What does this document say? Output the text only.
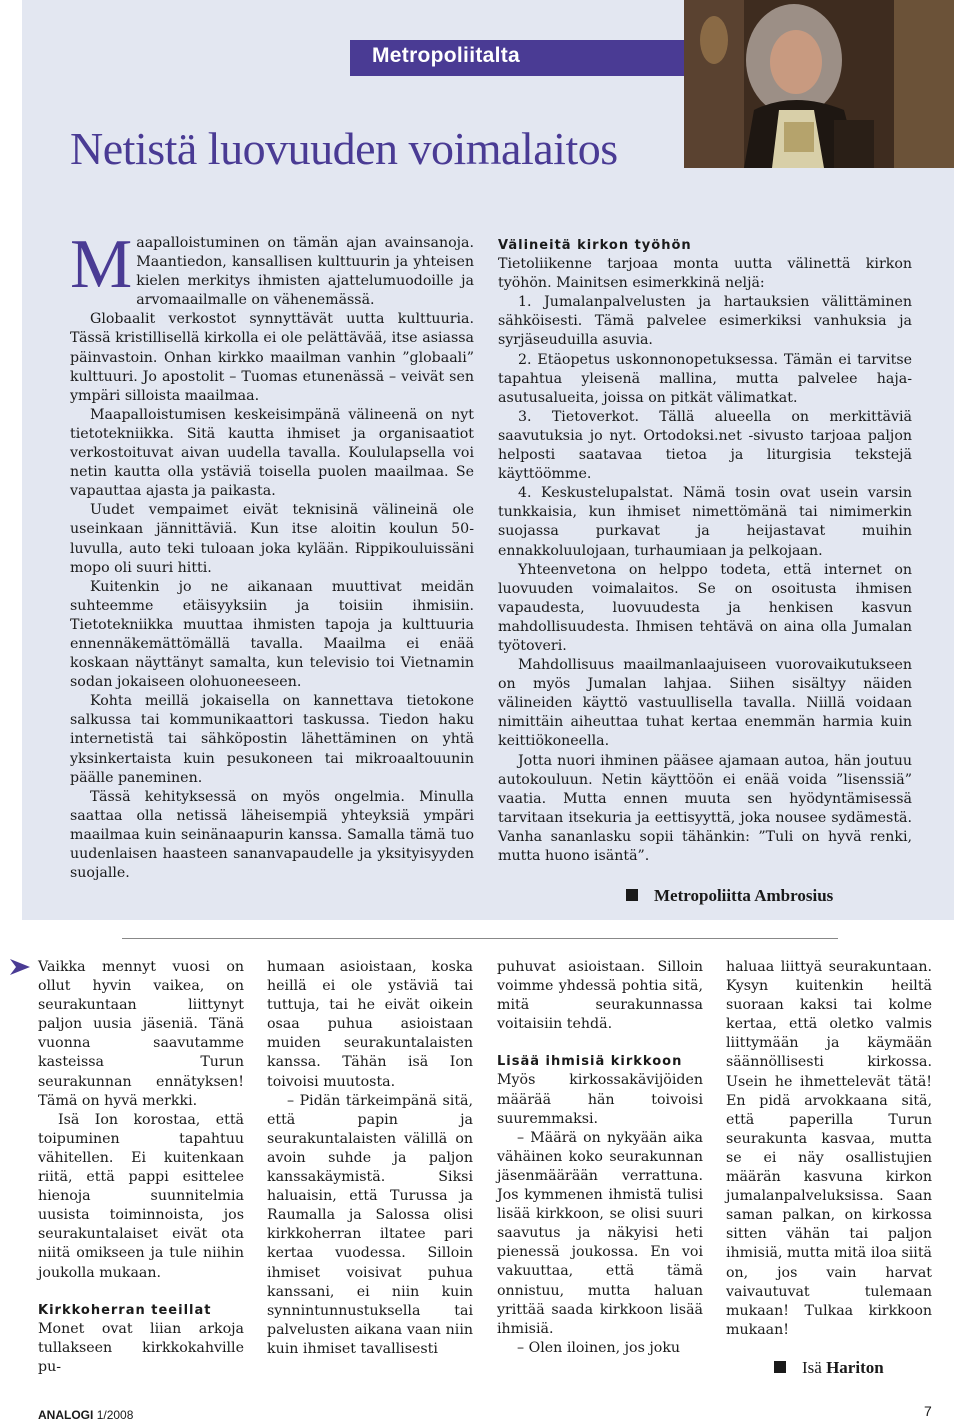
Metropoliitalta
Netistä luovuuden voimalaitos
M aapalloistuminen on tämän ajan avainsanoja. Maantiedon, kansallisen kulttuurin ja yhteisen kielen merkitys ihmisten ajattelumuodoille ja arvomaailmalle on vähenemässä.

Globaalit verkostot synnyttävät uutta kulttuuria. Tässä kristillisellä kirkolla ei ole pelättävää, itse asiassa päinvastoin. Onhan kirkko maailman vanhin ”globaali” kulttuuri. Jo apostolit – Tuomas etunenässä – veivät sen ympäri silloista maailmaa.

Maapalloistumisen keskeisimpänä välineenä on nyt tietotekniikka. Sitä kautta ihmiset ja organisaatiot verkostoituvat aivan uudella tavalla. Koululapsella voi netin kautta olla ystäviä toisella puolen maailmaa. Se vapauttaa ajasta ja paikasta.

Uudet vempaimet eivät teknisinä välineinä ole useinkaan jännittäviä. Kun itse aloitin koulun 50-luvulla, auto teki tuloaan joka kylään. Rippikouluissäni mopo oli suuri hitti.

Kuitenkin jo ne aikanaan muuttivat meidän suhteemme etäisyyksiin ja toisiin ihmisiin. Tietotekniikka muuttaa ihmisten tapoja ja kulttuuria ennennäkemättömällä tavalla. Maailma ei enää koskaan näyttänyt samalta, kun televisio toi Vietnamin sodan jokaiseen olohuoneeseen.

Kohta meillä jokaisella on kannettava tietokone salkussa tai kommunikaattori taskussa. Tiedon haku internetistä tai sähköpostin lähettäminen on yhtä yksinkertaista kuin pesukoneen tai mikroaaltouunin päälle paneminen.

Tässä kehityksessä on myös ongelmia. Minulla saattaa olla netissä läheisempiä yhteyksiä ympäri maailmaa kuin seinänaapurin kanssa. Samalla tämä tuo uudenlaisen haasteen sananvapaudelle ja yksityisyyden suojalle.

Välineitä kirkon työhön

Tietoliikenne tarjoaa monta uutta välinettä kirkon työhön. Mainitsen esimerkkinä neljä:

1. Jumalanpalvelusten ja hartauksien välittäminen sähköisesti. Tämä palvelee esimerkiksi vanhuksia ja syrjäseuduilla asuvia.

2. Etäopetus uskonnonopetuksessa. Tämän ei tarvitse tapahtua yleisenä mallina, mutta palvelee haja-asutusalueita, joissa on pitkät välimatkat.

3. Tietoverkot. Tällä alueella on merkittäviä saavutuksia jo nyt. Ortodoksi.net -sivusto tarjoaa paljon helposti saatavaa tietoa ja liturgisia tekstejä käyttöömme.

4. Keskustelupalstat. Nämä tosin ovat usein varsin tunkkaisia, kun ihmiset nimettömänä tai nimimerkin suojassa purkavat ja heijastavat muihin ennakkoluulojaan, turhaumiaan ja pelkojaan.

Yhteenvetona on helppo todeta, että internet on luovuuden voimalaitos. Se on osoitusta ihmisen vapaudesta, luovuudesta ja henkisen kasvun mahdollisuudesta. Ihmisen tehtävä on aina olla Jumalan työtoveri.

Mahdollisuus maailmanlaajuiseen vuorovaikutukseen on myös Jumalan lahjaa. Siihen sisältyy näiden välineiden käyttö vastuullisella tavalla. Niillä voidaan nimittäin aiheuttaa tuhat kertaa enemmän harmia kuin keittiökoneella.

Jotta nuori ihminen pääsee ajamaan autoa, hän joutuu autokouluun. Netin käyttöön ei enää voida ”lisenssiä” vaatia. Mutta ennen muuta sen hyödyntämisessä tarvitaan itsekuria ja eettisyyttä, joka nousee sydämestä. Vanha sananlasku sopii tähänkin: ”Tuli on hyvä renki, mutta huono isäntä”.

Metropoliitta Ambrosius

Vaikka mennyt vuosi on ollut hyvin vaikea, on seurakuntaan liittynyt paljon uusia jäseniä. Tänä vuonna saavutamme kasteissa Turun seurakunnan ennätyksen! Tämä on hyvä merkki.

Isä Ion korostaa, että toipuminen tapahtuu vähitellen. Ei kuitenkaan riitä, että pappi esittelee hienoja suunnitelmia uusista toiminnoista, jos seurakuntalaiset eivät ota niitä omikseen ja tule niihin joukolla mukaan.

Kirkkoherran teeillat

Monet ovat liian arkoja tullakseen kirkkokahville pu-

humaan asioistaan, koska heillä ei ole ystäviä tai tuttuja, tai he eivät oikein osaa puhua asioistaan muiden seurakuntalaisten kanssa. Tähän isä Ion toivoisi muutosta.

– Pidän tärkeimpänä sitä, että papin ja seurakuntalaisten välillä on avoin suhde ja paljon kanssakäymistä. Siksi haluaisin, että Turussa ja Raumalla ja Salossa olisi kirkkoherran iltatee pari kertaa vuodessa. Silloin ihmiset voisivat puhua kanssani, ei niin kuin synnintunnustuksella tai palvelusten aikana vaan niin kuin ihmiset tavallisesti

puhuvat asioistaan. Silloin voimme yhdessä pohtia sitä, mitä seurakunnassa voitaisiin tehdä.

Lisää ihmisiä kirkkoon

Myös kirkossakävijöiden määrää hän toivoisi suuremmaksi.

– Määrä on nykyään aika vähäinen koko seurakunnan jäsenmäärään verrattuna. Jos kymmenen ihmistä tulisi lisää kirkkoon, se olisi suuri saavutus ja näkyisi heti pienessä joukossa. En voi vakuuttaa, että tämä onnistuu, mutta haluan yrittää saada kirkkoon lisää ihmisiä.

– Olen iloinen, jos joku

haluaa liittyä seurakuntaan. Kysyn kuitenkin heiltä suoraan kaksi tai kolme kertaa, että oletko valmis liittymään ja käymään säännöllisesti kirkossa. Usein he ihmettelevät tätä! En pidä arvokkaana sitä, että paperilla Turun seurakunta kasvaa, mutta se ei näy osallistujien määrän kasvuna kirkon jumalanpalveluksissa. Saan saman palkan, on kirkossa sitten vähän tai paljon ihmisiä, mutta mitä iloa siitä on, jos vain harvat vaivautuvat tulemaan mukaan! Tulkaa kirkkoon mukaan!

Isä Hariton
ANALOGI 1/2008	7
